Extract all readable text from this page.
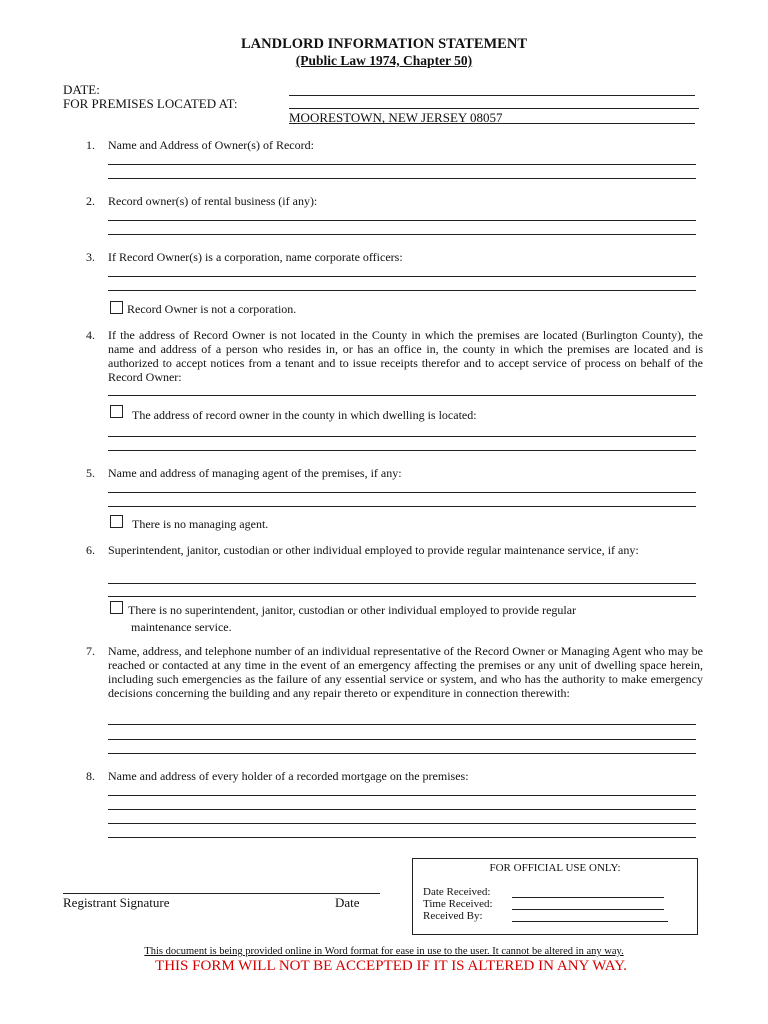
LANDLORD INFORMATION STATEMENT
(Public Law 1974, Chapter 50)
DATE:
FOR PREMISES LOCATED AT:
MOORESTOWN, NEW JERSEY 08057
1. Name and Address of Owner(s) of Record:
2. Record owner(s) of rental business (if any):
3. If Record Owner(s) is a corporation, name corporate officers:
Record Owner is not a corporation.
4. If the address of Record Owner is not located in the County in which the premises are located (Burlington County), the name and address of a person who resides in, or has an office in, the county in which the premises are located and is authorized to accept notices from a tenant and to issue receipts therefor and to accept service of process on behalf of the Record Owner:
The address of record owner in the county in which dwelling is located:
5. Name and address of managing agent of the premises, if any:
There is no managing agent.
6. Superintendent, janitor, custodian or other individual employed to provide regular maintenance service, if any:
There is no superintendent, janitor, custodian or other individual employed to provide regular
maintenance service.
7. Name, address, and telephone number of an individual representative of the Record Owner or Managing Agent who may be reached or contacted at any time in the event of an emergency affecting the premises or any unit of dwelling space herein, including such emergencies as the failure of any essential service or system, and who has the authority to make emergency decisions concerning the building and any repair thereto or expenditure in connection therewith:
8. Name and address of every holder of a recorded mortgage on the premises:
Registrant Signature	Date
FOR OFFICIAL USE ONLY:
Date Received:
Time Received:
Received By:
This document is being provided online in Word format for ease in use to the user. It cannot be altered in any way.
THIS FORM WILL NOT BE ACCEPTED IF IT IS ALTERED IN ANY WAY.
